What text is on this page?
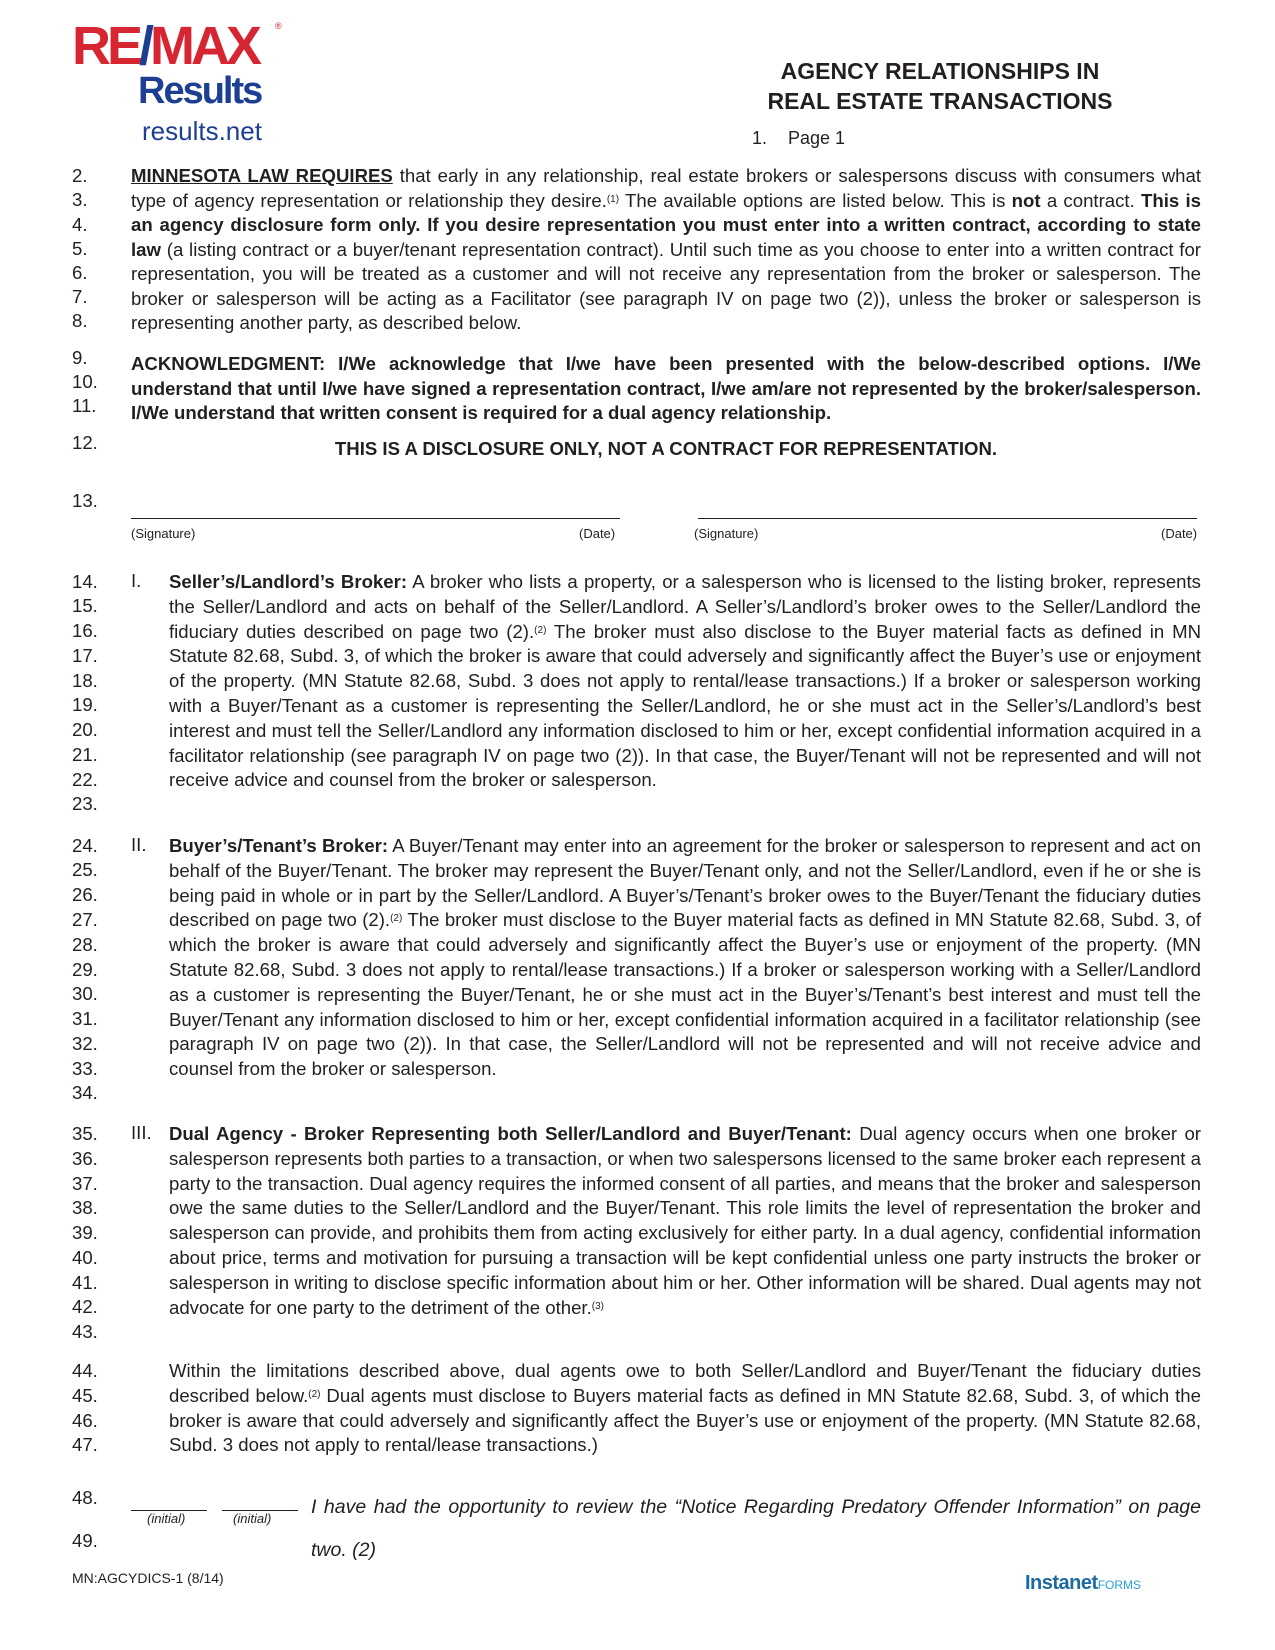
RE/MAX ®
Results
results.net
AGENCY RELATIONSHIPS IN
REAL ESTATE TRANSACTIONS
1. Page 1
2.
3.
4.
5.
6.
7.
8.
9.
10.
11.
12.
13.
14.
15.
16.
17.
18.
19.
20.
21.
22.
23.
24.
25.
26.
27.
28.
29.
30.
31.
32.
33.
34.
35.
36.
37.
38.
39.
40.
41.
42.
43.
44.
45.
46.
47.
48.
49.
MINNESOTA LAW REQUIRES that early in any relationship, real estate brokers or salespersons discuss with consumers what type of agency representation or relationship they desire.$^{(1)}$ The available options are listed below. This is not a contract. This is an agency disclosure form only. If you desire representation you must enter into a written contract, according to state law (a listing contract or a buyer/tenant representation contract). Until such time as you choose to enter into a written contract for representation, you will be treated as a customer and will not receive any representation from the broker or salesperson. The broker or salesperson will be acting as a Facilitator (see paragraph IV on page two (2)), unless the broker or salesperson is representing another party, as described below.
ACKNOWLEDGMENT: I/We acknowledge that I/we have been presented with the below-described options. I/We understand that until I/we have signed a representation contract, I/we am/are not represented by the broker/salesperson. I/We understand that written consent is required for a dual agency relationship.
THIS IS A DISCLOSURE ONLY, NOT A CONTRACT FOR REPRESENTATION.
(Signature)	(Date)	(Signature)	(Date)
I. Seller’s/Landlord’s Broker: A broker who lists a property, or a salesperson who is licensed to the listing broker, represents the Seller/Landlord and acts on behalf of the Seller/Landlord. A Seller’s/Landlord’s broker owes to the Seller/Landlord the fiduciary duties described on page two (2).$^{(2)}$ The broker must also disclose to the Buyer material facts as defined in MN Statute 82.68, Subd. 3, of which the broker is aware that could adversely and significantly affect the Buyer’s use or enjoyment of the property. (MN Statute 82.68, Subd. 3 does not apply to rental/lease transactions.) If a broker or salesperson working with a Buyer/Tenant as a customer is representing the Seller/Landlord, he or she must act in the Seller’s/Landlord’s best interest and must tell the Seller/Landlord any information disclosed to him or her, except confidential information acquired in a facilitator relationship (see paragraph IV on page two (2)). In that case, the Buyer/Tenant will not be represented and will not receive advice and counsel from the broker or salesperson.
II. Buyer’s/Tenant’s Broker: A Buyer/Tenant may enter into an agreement for the broker or salesperson to represent and act on behalf of the Buyer/Tenant. The broker may represent the Buyer/Tenant only, and not the Seller/Landlord, even if he or she is being paid in whole or in part by the Seller/Landlord. A Buyer’s/Tenant’s broker owes to the Buyer/Tenant the fiduciary duties described on page two (2).$^{(2)}$ The broker must disclose to the Buyer material facts as defined in MN Statute 82.68, Subd. 3, of which the broker is aware that could adversely and significantly affect the Buyer’s use or enjoyment of the property. (MN Statute 82.68, Subd. 3 does not apply to rental/lease transactions.) If a broker or salesperson working with a Seller/Landlord as a customer is representing the Buyer/Tenant, he or she must act in the Buyer’s/Tenant’s best interest and must tell the Buyer/Tenant any information disclosed to him or her, except confidential information acquired in a facilitator relationship (see paragraph IV on page two (2)). In that case, the Seller/Landlord will not be represented and will not receive advice and counsel from the broker or salesperson.
III. Dual Agency - Broker Representing both Seller/Landlord and Buyer/Tenant: Dual agency occurs when one broker or salesperson represents both parties to a transaction, or when two salespersons licensed to the same broker each represent a party to the transaction. Dual agency requires the informed consent of all parties, and means that the broker and salesperson owe the same duties to the Seller/Landlord and the Buyer/Tenant. This role limits the level of representation the broker and salesperson can provide, and prohibits them from acting exclusively for either party. In a dual agency, confidential information about price, terms and motivation for pursuing a transaction will be kept confidential unless one party instructs the broker or salesperson in writing to disclose specific information about him or her. Other information will be shared. Dual agents may not advocate for one party to the detriment of the other.$^{(3)}$
Within the limitations described above, dual agents owe to both Seller/Landlord and Buyer/Tenant the fiduciary duties described below.$^{(2)}$ Dual agents must disclose to Buyers material facts as defined in MN Statute 82.68, Subd. 3, of which the broker is aware that could adversely and significantly affect the Buyer’s use or enjoyment of the property. (MN Statute 82.68, Subd. 3 does not apply to rental/lease transactions.)
(initial)	(initial)
I have had the opportunity to review the “Notice Regarding Predatory Offender Information” on page two. (2)
MN:AGCYDICS-1 (8/14)	InstanetFORMS
